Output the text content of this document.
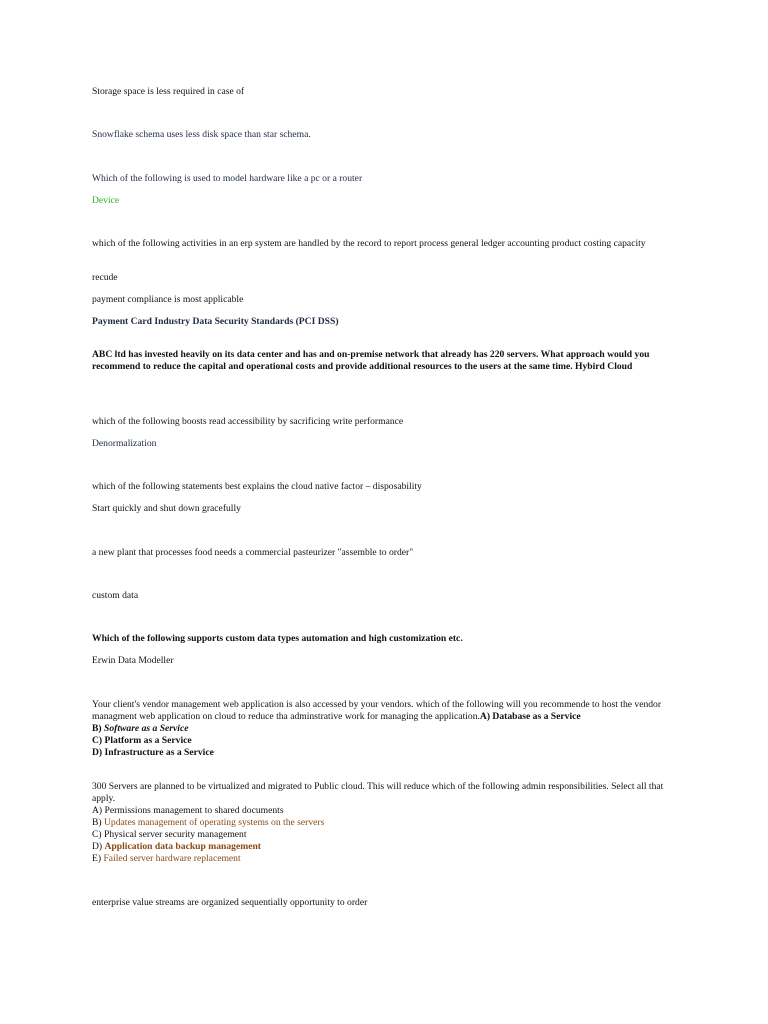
Storage space is less required in case of

Snowflake schema uses less disk space than star schema.

Which of the following is used to model hardware like a pc or a router

Device

which of the following activities in an erp system are handled by the record to report process general ledger accounting product costing capacity

recude

payment compliance is most applicable

Payment Card Industry Data Security Standards (PCI DSS)

ABC ltd has invested heavily on its data center and has and on-premise network that already has 220 servers. What approach would you recommend to reduce the capital and operational costs and provide additional resources to the users at the same time. Hybird Cloud

which of the following boosts read accessibility by sacrificing write performance

Denormalization

which of the following statements best explains the cloud native factor – disposability

Start quickly and shut down gracefully

a new plant that processes food needs a commercial pasteurizer "assemble to order"

custom data

Which of the following supports custom data types automation and high customization etc.

Erwin Data Modeller

Your client's vendor management web application is also accessed by your vendors. which of the following will you recommende to host the vendor managment web application on cloud to reduce tha adminstrative work for managing the application.A) Database as a Service
B) Software as a Service
C) Platform as a Service
D) Infrastructure as a Service
300 Servers are planned to be virtualized and migrated to Public cloud. This will reduce which of the following admin responsibilities. Select all that apply.
A) Permissions management to shared documents
B) Updates management of operating systems on the servers
C) Physical server security management
D) Application data backup management
E) Failed server hardware replacement

enterprise value streams are organized sequentially opportunity to order
